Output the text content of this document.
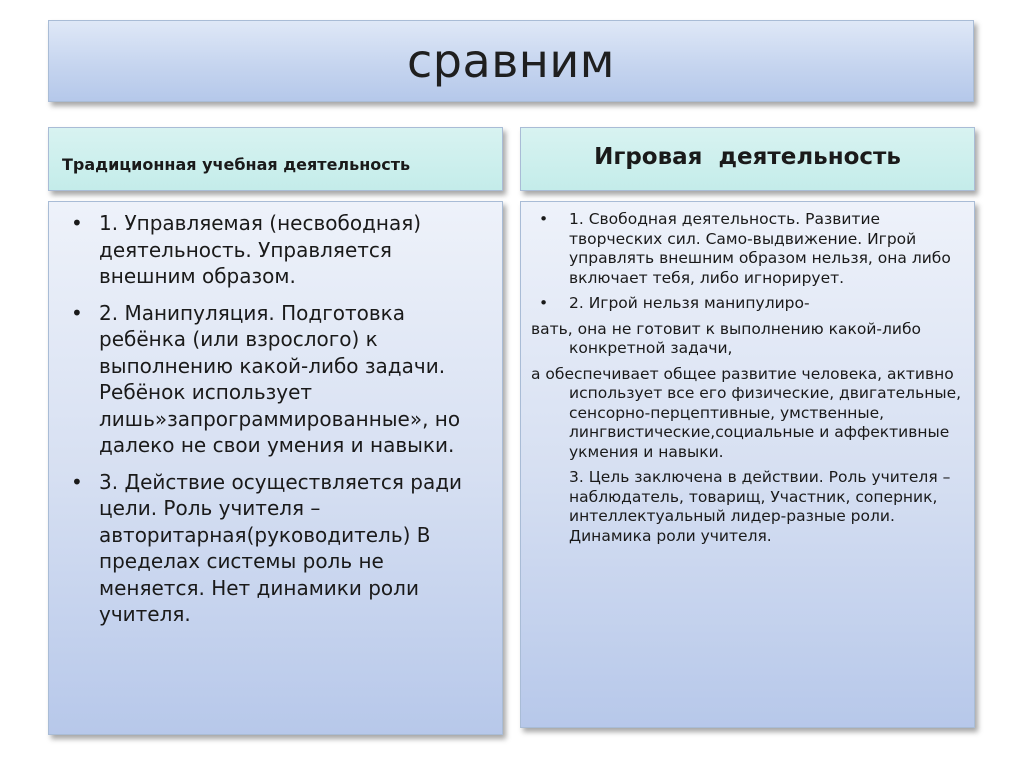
сравним
Традиционная учебная деятельность	Игровая деятельность
• 1. Управляемая (несвободная) деятельность. Управляется внешним образом.
• 2. Манипуляция. Подготовка ребёнка (или взрослого) к выполнению какой-либо задачи. Ребёнок использует лишь»запрограммированные», но далеко не свои умения и навыки.
• 3. Действие осуществляется ради цели. Роль учителя – авторитарная(руководитель) В пределах системы роль не меняется. Нет динамики роли учителя.
• 1. Свободная деятельность. Развитие творческих сил. Само-выдвижение. Игрой управлять внешним образом нельзя, она либо включает тебя, либо игнорирует.
• 2. Игрой нельзя манипулиро-
вать, она не готовит к выполнению какой-либо конкретной задачи,
а обеспечивает общее развитие человека, активно использует все его физические, двигательные, сенсорно-перцептивные, умственные, лингвистические,социальные и аффективные укмения и навыки.
3. Цель заключена в действии. Роль учителя – наблюдатель, товарищ, Участник, соперник, интеллектуальный лидер-разные роли. Динамика роли учителя.
